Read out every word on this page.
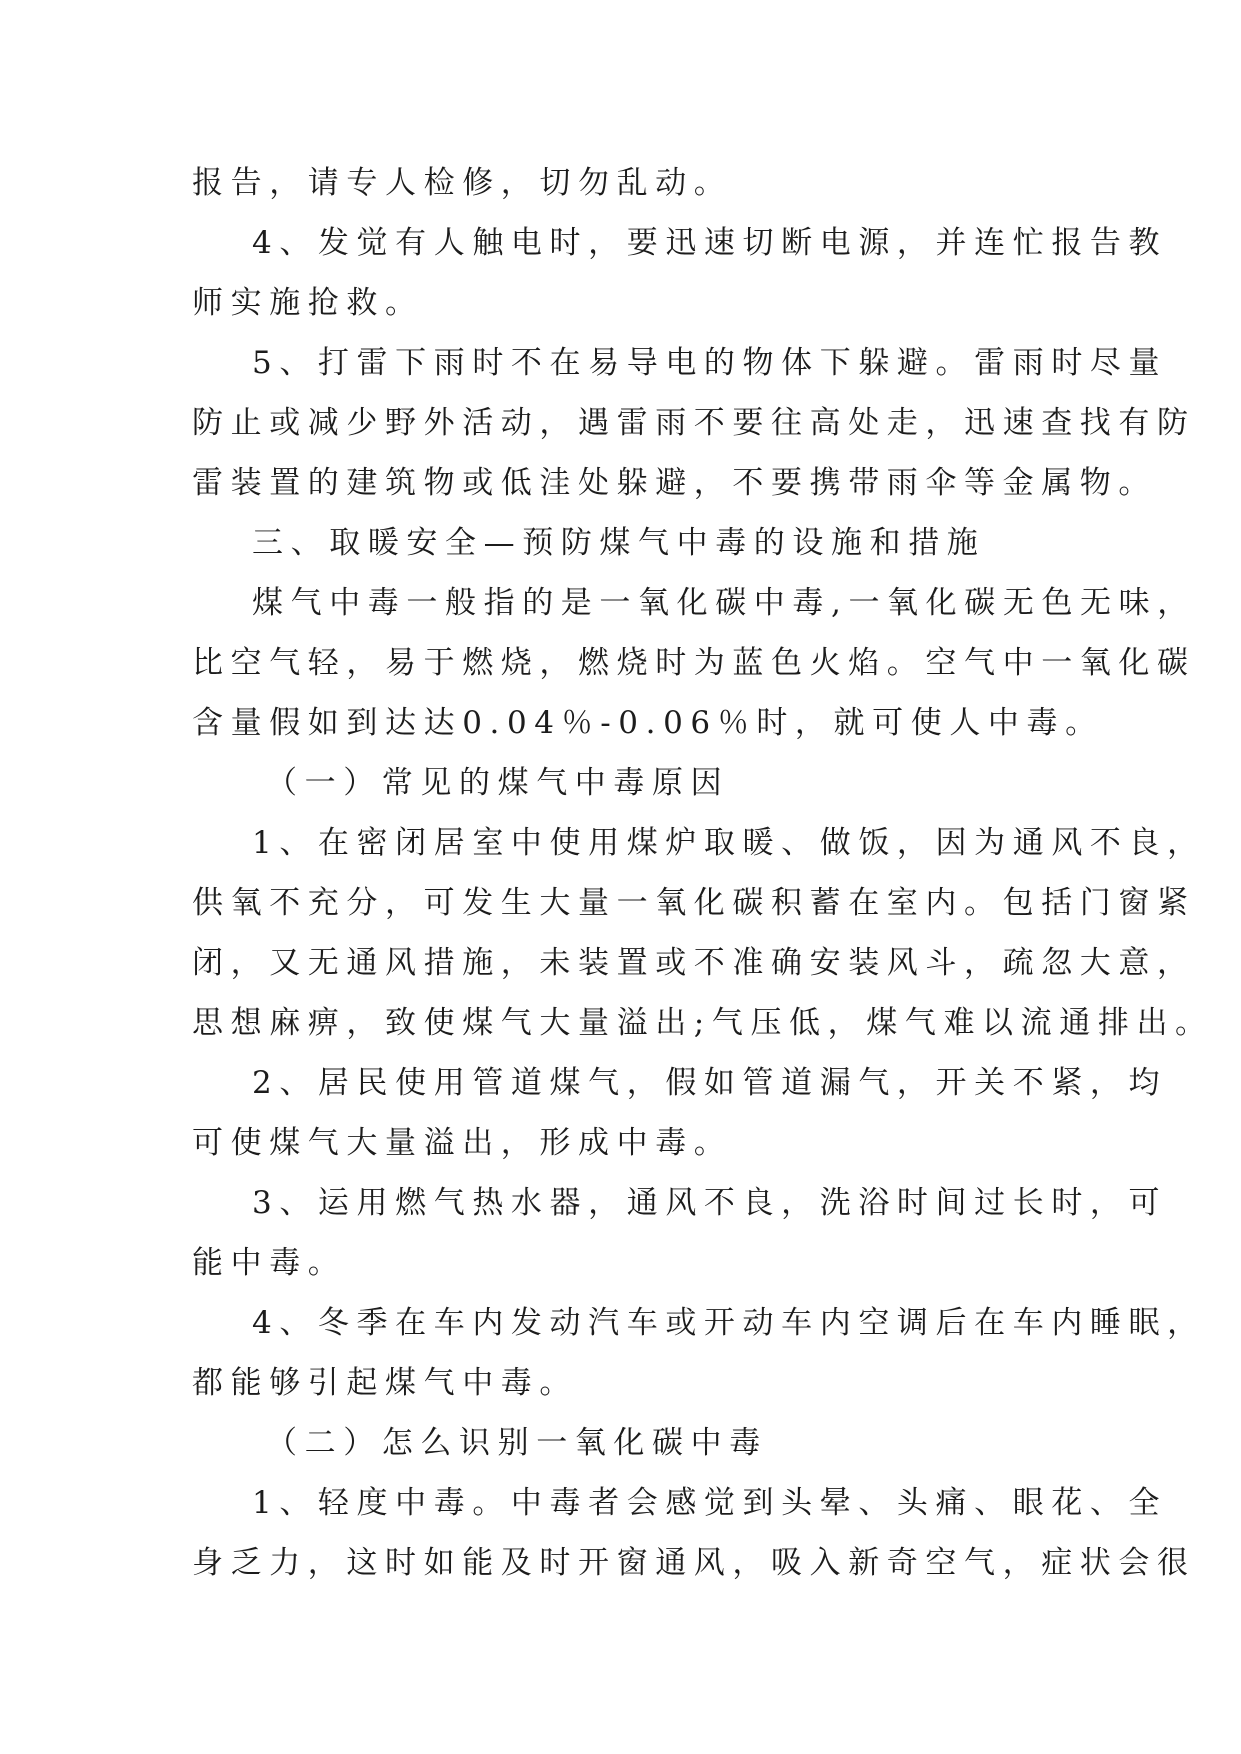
报告，请专人检修，切勿乱动。

4、发觉有人触电时，要迅速切断电源，并连忙报告教

师实施抢救。

5、打雷下雨时不在易导电的物体下躲避。雷雨时尽量

防止或减少野外活动，遇雷雨不要往高处走，迅速查找有防

雷装置的建筑物或低洼处躲避，不要携带雨伞等金属物。

三、取暖安全—预防煤气中毒的设施和措施

煤气中毒一般指的是一氧化碳中毒,一氧化碳无色无味，

比空气轻，易于燃烧，燃烧时为蓝色火焰。空气中一氧化碳

含量假如到达达0.04％-0.06％时，就可使人中毒。

（一）常见的煤气中毒原因

1、在密闭居室中使用煤炉取暖、做饭，因为通风不良，

供氧不充分，可发生大量一氧化碳积蓄在室内。包括门窗紧

闭，又无通风措施，未装置或不准确安装风斗，疏忽大意，

思想麻痹，致使煤气大量溢出;气压低，煤气难以流通排出。

2、居民使用管道煤气，假如管道漏气，开关不紧，均

可使煤气大量溢出，形成中毒。

3、运用燃气热水器，通风不良，洗浴时间过长时，可

能中毒。

4、冬季在车内发动汽车或开动车内空调后在车内睡眠，

都能够引起煤气中毒。

（二）怎么识别一氧化碳中毒

1、轻度中毒。中毒者会感觉到头晕、头痛、眼花、全

身乏力，这时如能及时开窗通风，吸入新奇空气，症状会很
